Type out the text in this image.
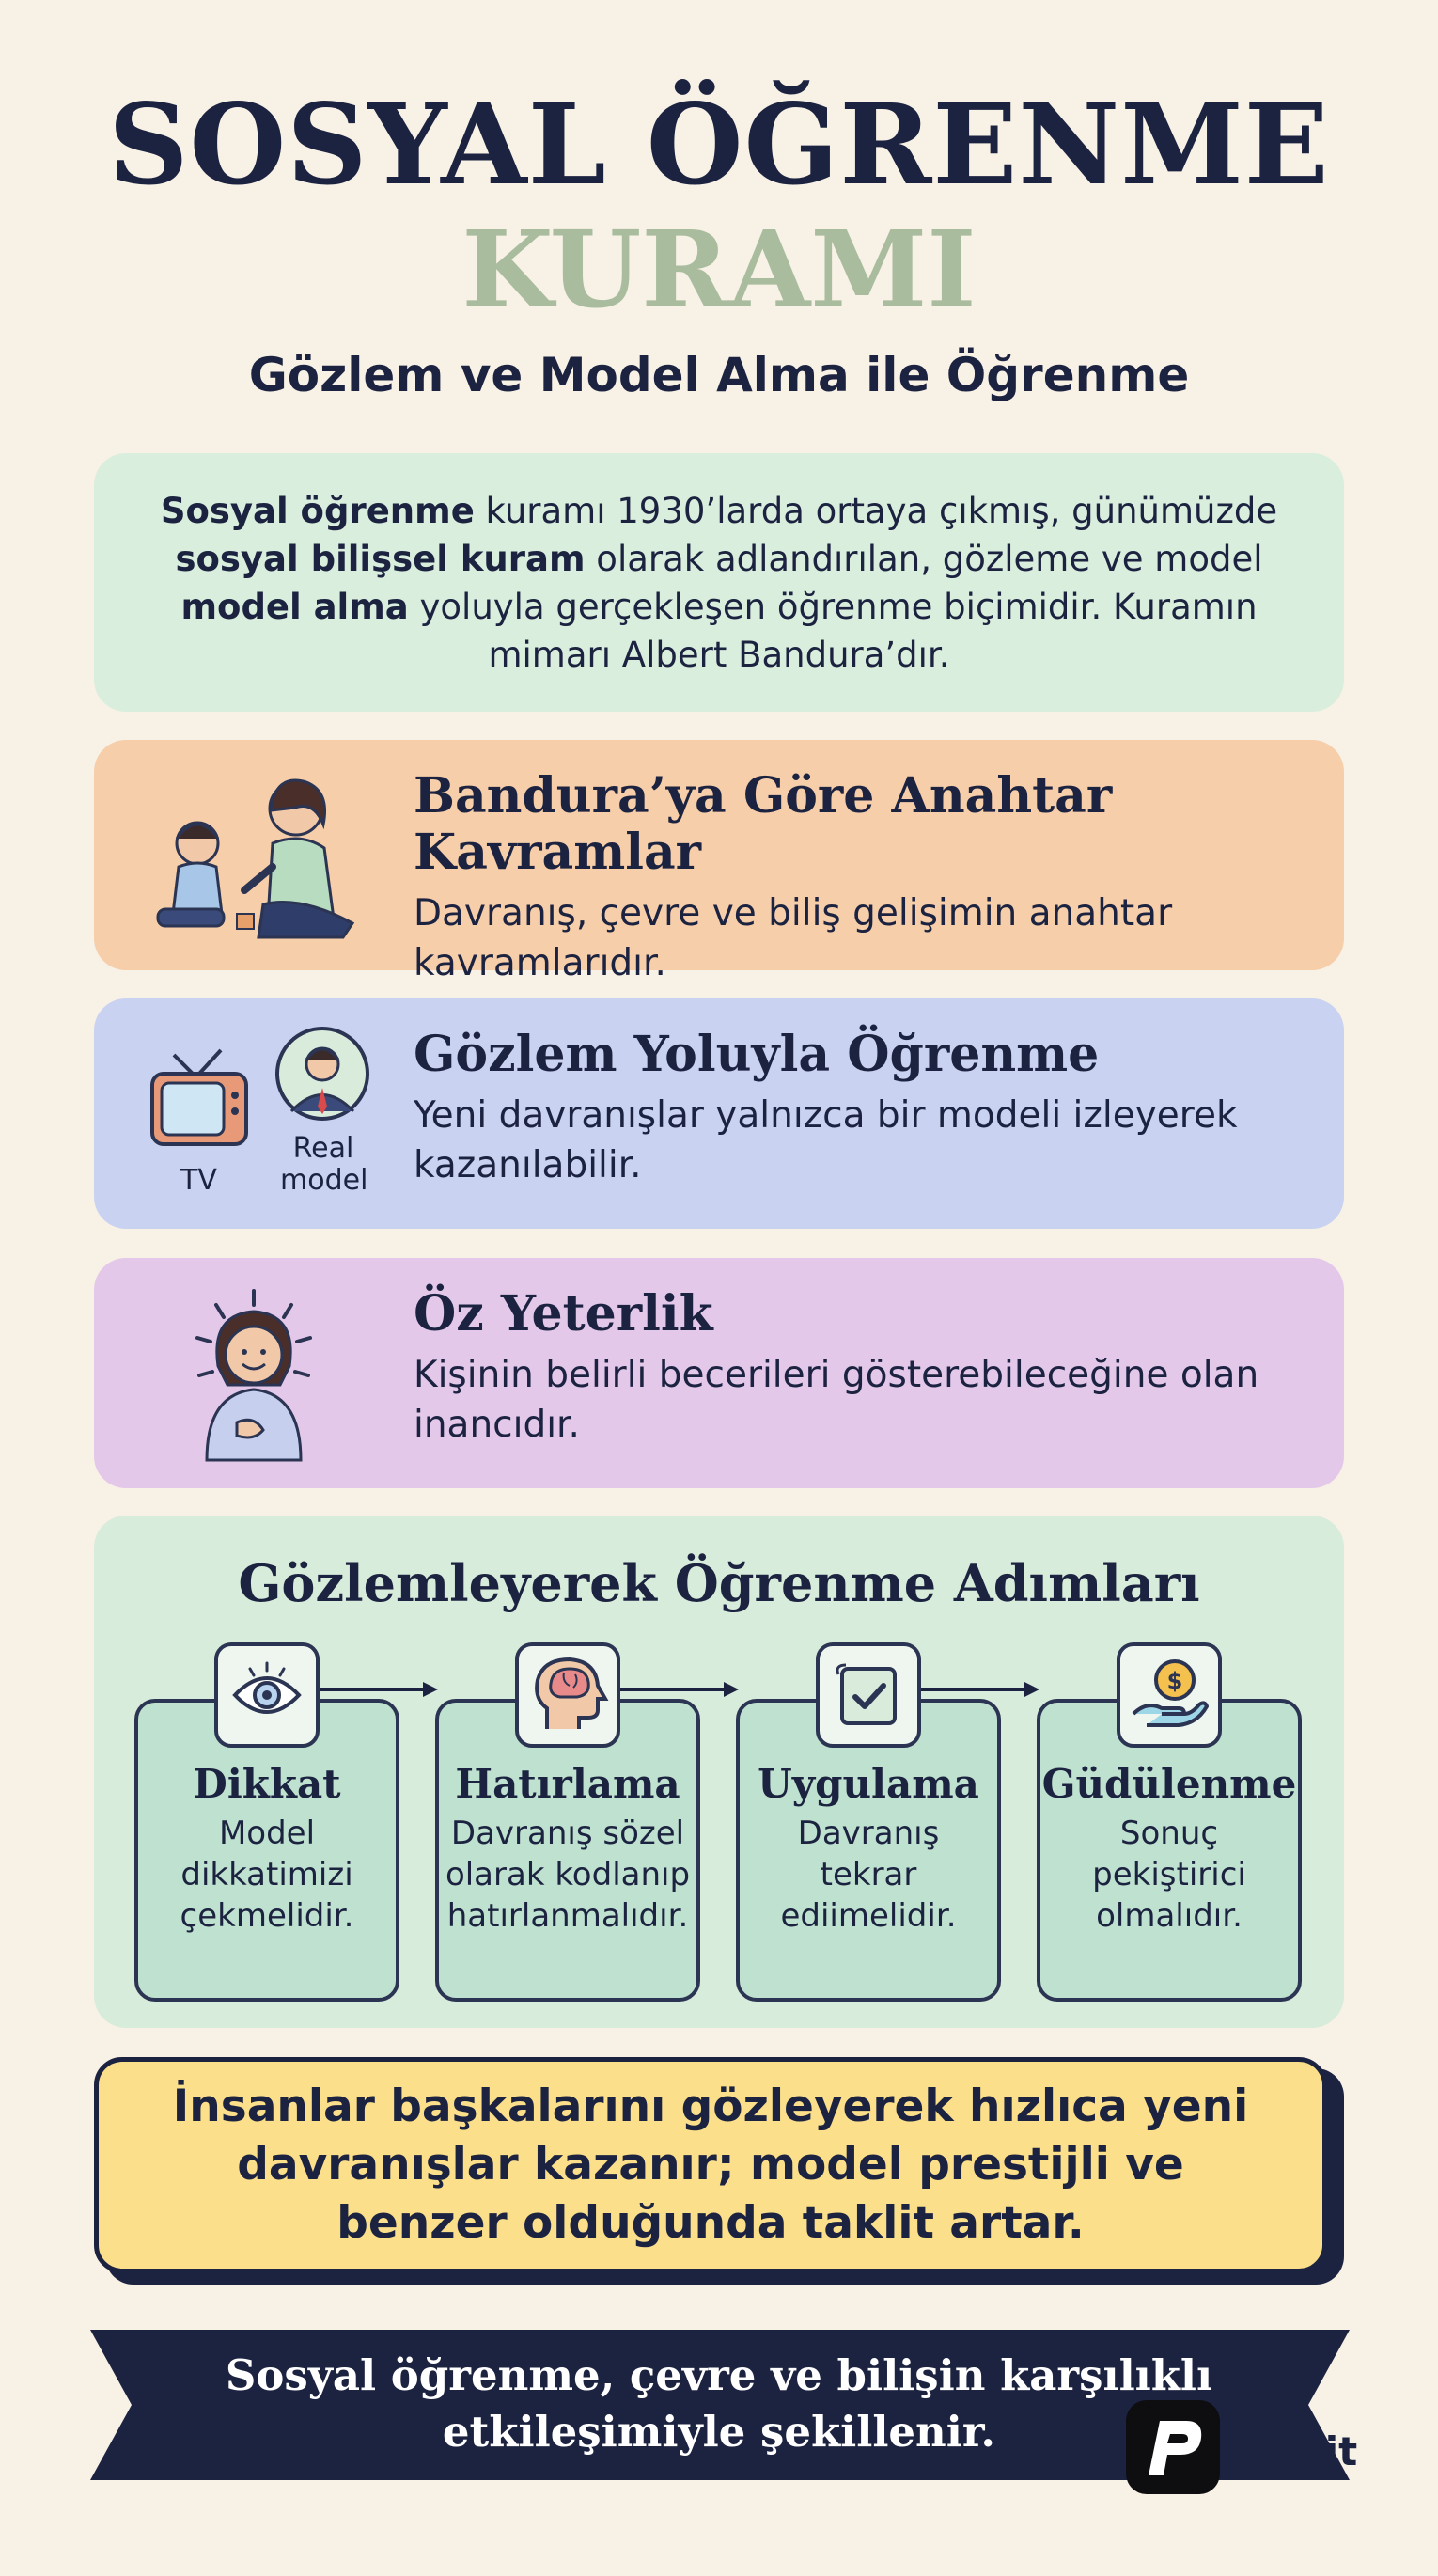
SOSYAL ÖĞRENME
KURAMI
Gözlem ve Model Alma ile Öğrenme

Sosyal öğrenme kuramı 1930’larda ortaya çıkmış, günümüzde sosyal bilişsel kuram olarak adlandırılan, gözleme ve model model alma yoluyla gerçekleşen öğrenme biçimidir. Kuramın mimarı Albert Bandura’dır.

Bandura’ya Göre Anahtar Kavramlar
Davranış, çevre ve biliş gelişimin anahtar kavramlarıdır.
TV
Real
model
Gözlem Yoluyla Öğrenme
Yeni davranışlar yalnızca bir modeli izleyerek kazanılabilir.
Öz Yeterlik
Kişinin belirli becerileri gösterebileceğine olan inancıdır.
Gözlemleyerek Öğrenme Adımları
Dikkat
Model dikkatimizi çekmelidir.
Hatırlama
Davranış sözel olarak kodlanıp hatırlanmalıdır.
Uygulama
Davranış tekrar ediimelidir.
Güdülenme
Sonuç pekiştirici olmalıdır.
$
İnsanlar başkalarını gözleyerek hızlıca yeni davranışlar kazanır; model prestijli ve benzer olduğunda taklit artar.
Sosyal öğrenme, çevre ve bilişin karşılıklı etkileşimiyle şekillenir.	Podit
